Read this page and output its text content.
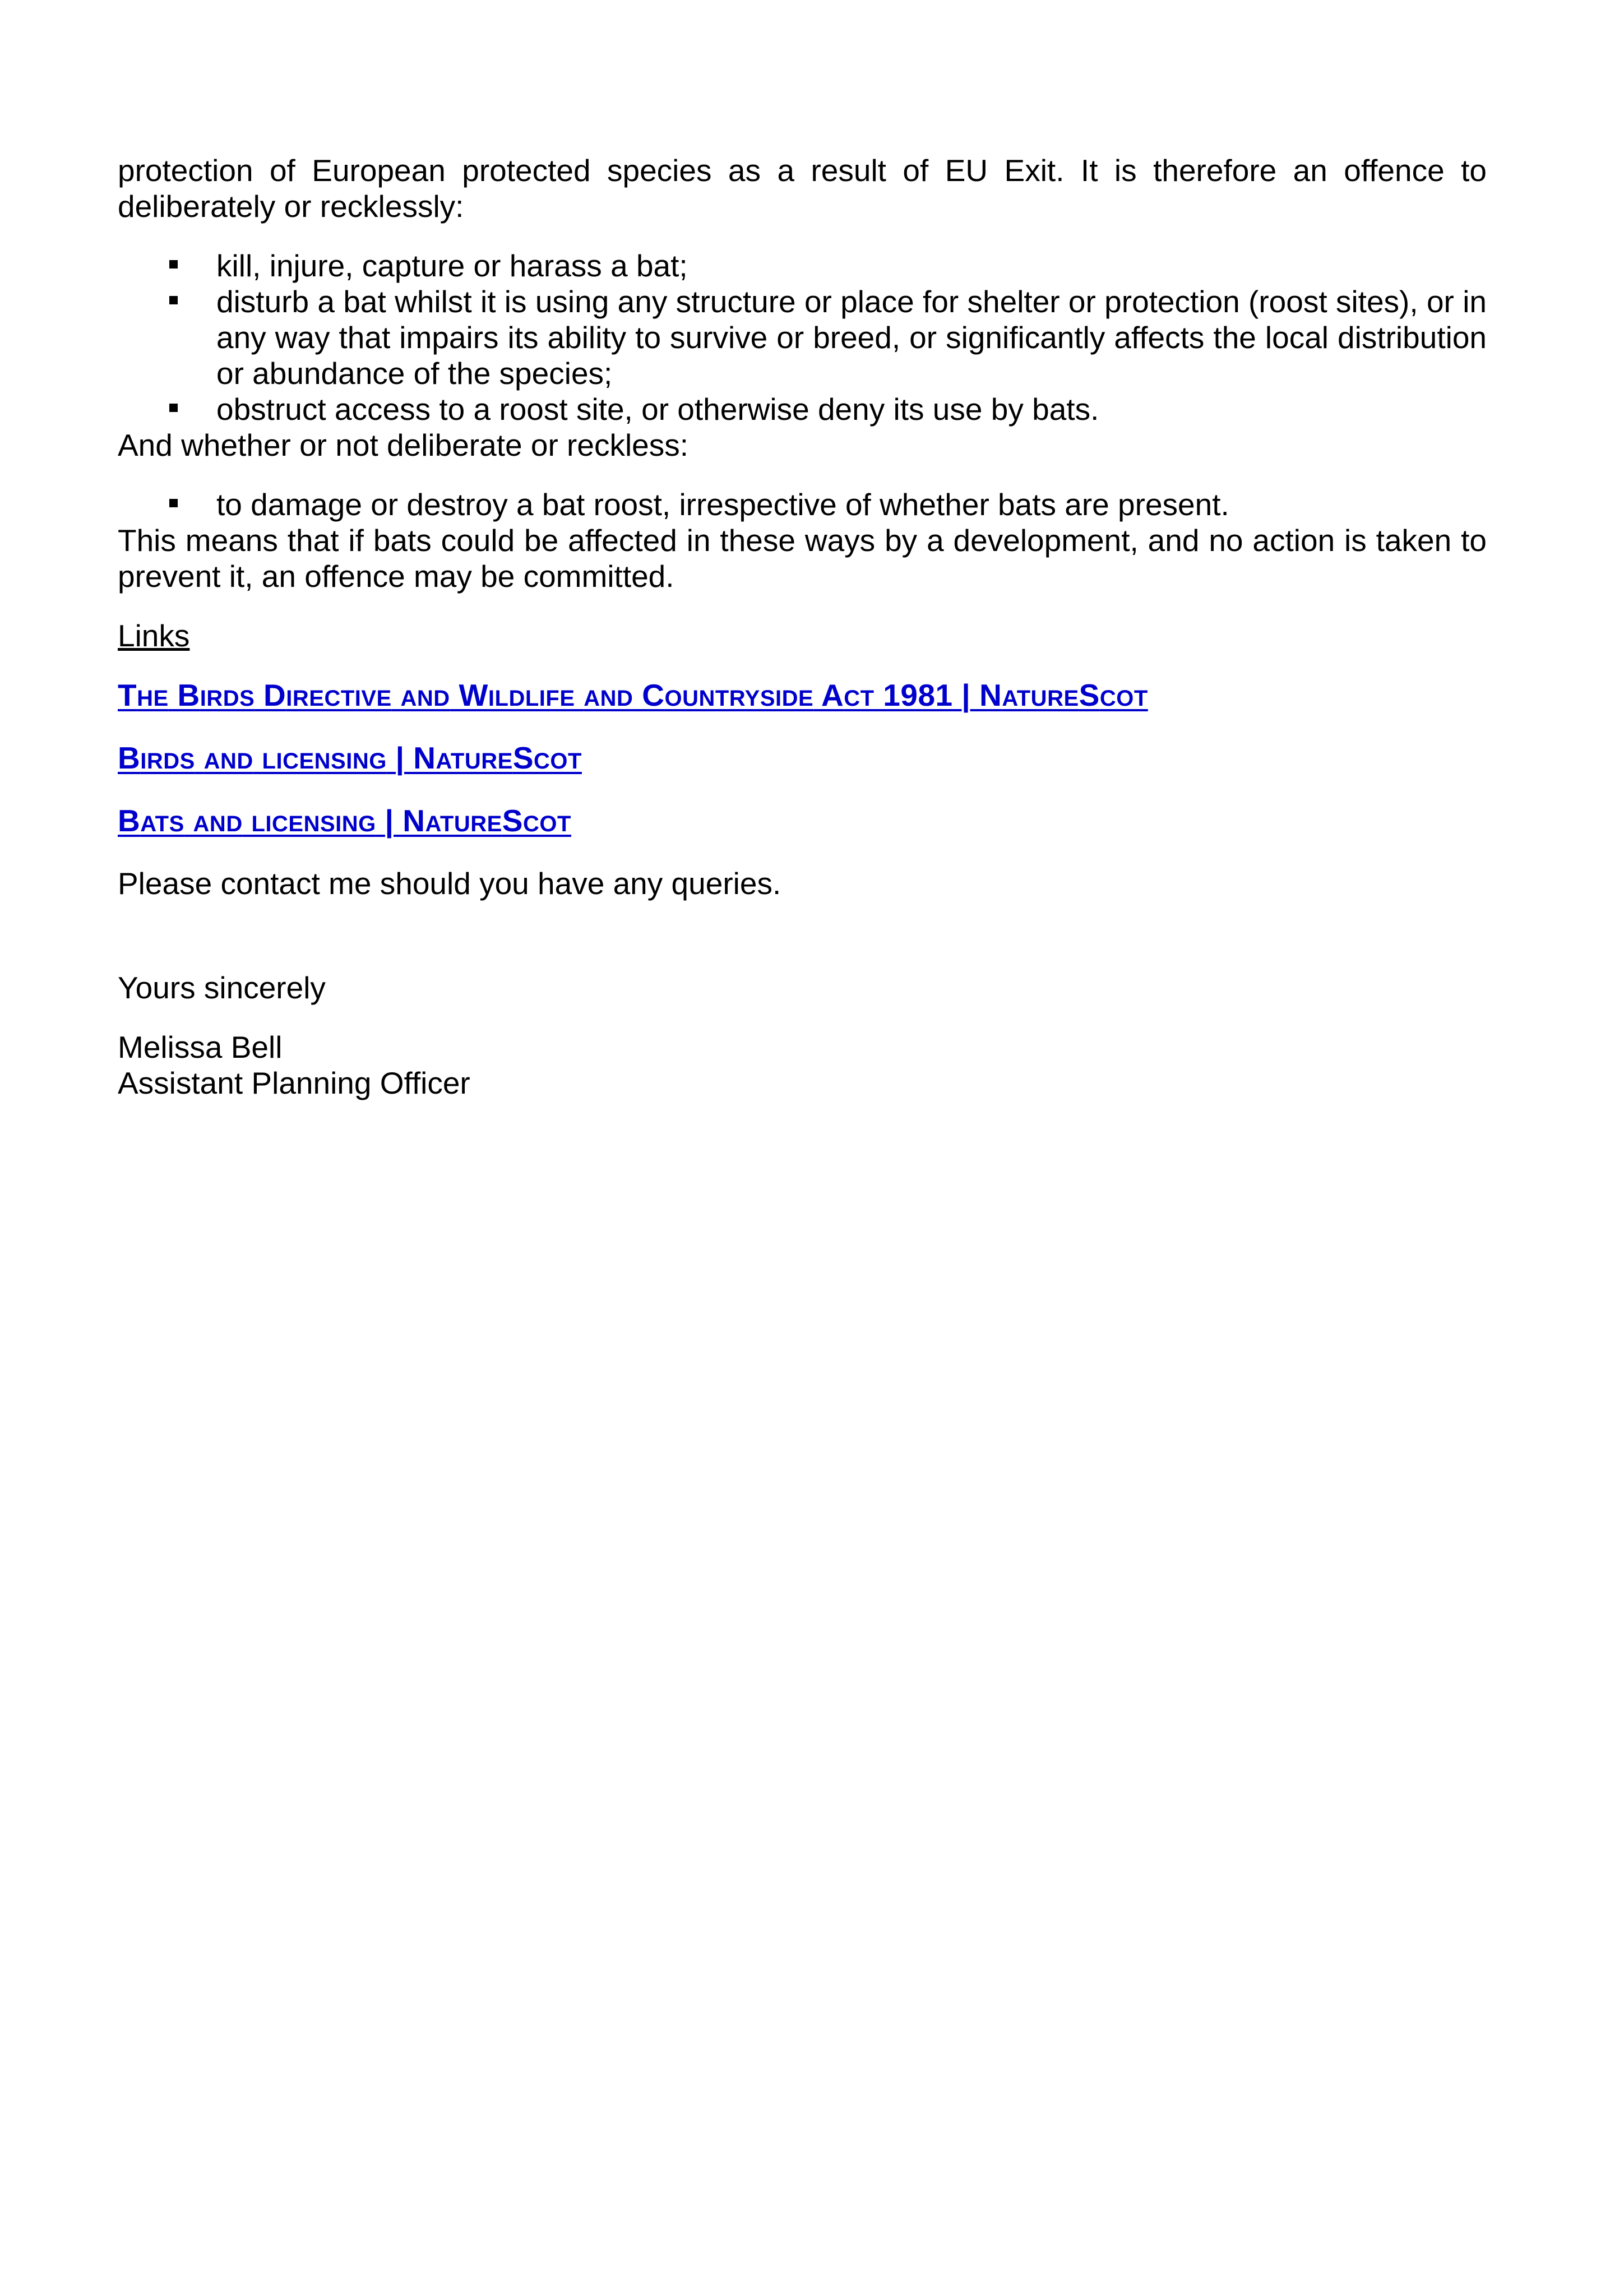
protection of European protected species as a result of EU Exit. It is therefore an offence to deliberately or recklessly:

kill, injure, capture or harass a bat;
disturb a bat whilst it is using any structure or place for shelter or protection (roost sites), or in any way that impairs its ability to survive or breed, or significantly affects the local distribution or abundance of the species;
obstruct access to a roost site, or otherwise deny its use by bats.

And whether or not deliberate or reckless:

to damage or destroy a bat roost, irrespective of whether bats are present.

This means that if bats could be affected in these ways by a development, and no action is taken to prevent it, an offence may be committed.

Links

THE BIRDS DIRECTIVE AND WILDLIFE AND COUNTRYSIDE ACT 1981 | NATURESCOT

BIRDS AND LICENSING | NATURESCOT

BATS AND LICENSING | NATURESCOT

Please contact me should you have any queries.

Yours sincerely

Melissa Bell

Assistant Planning Officer
